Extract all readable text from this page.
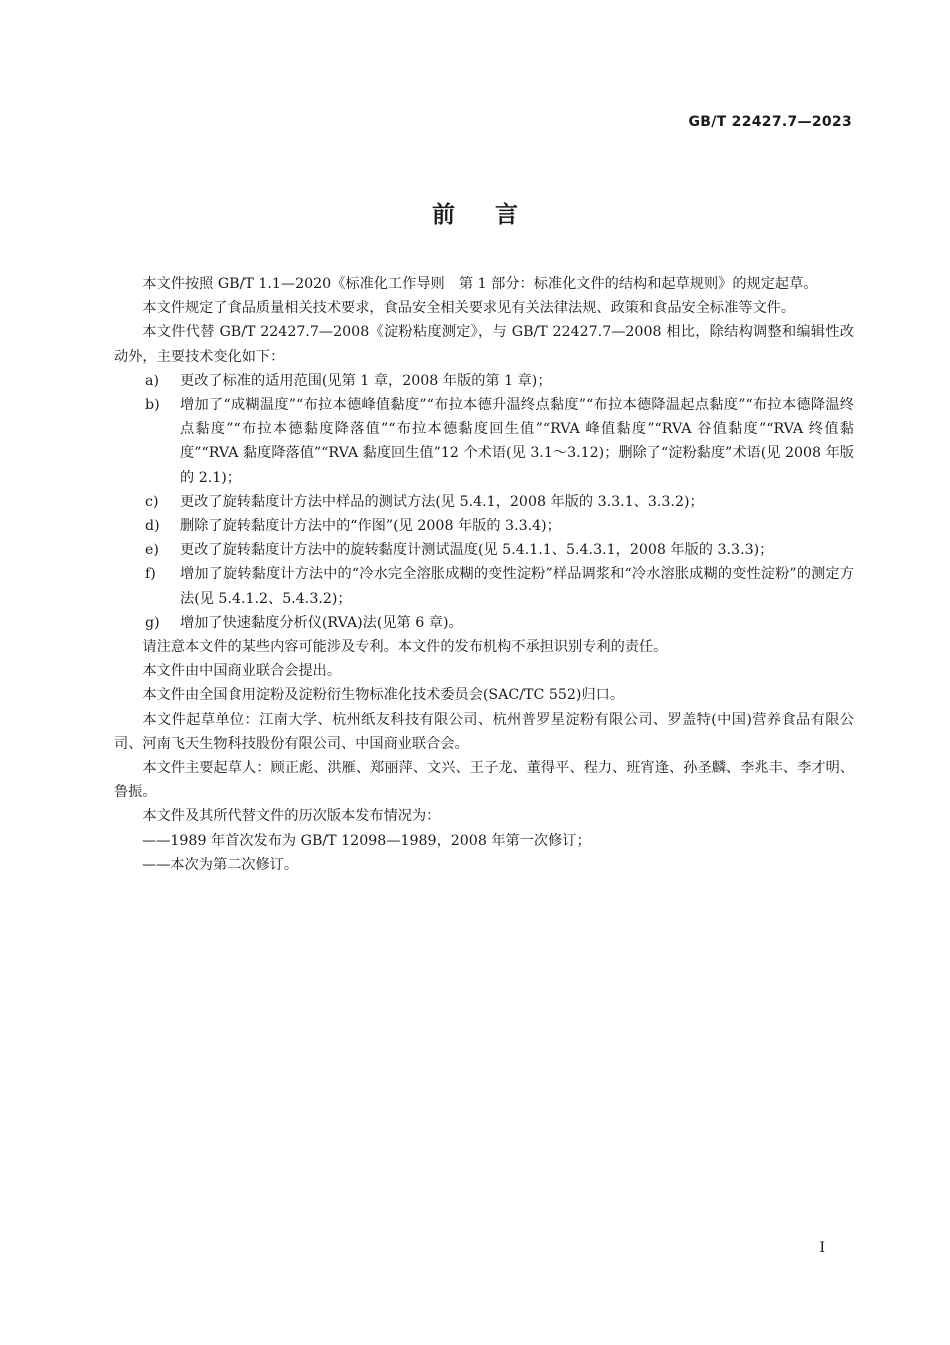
GB/T 22427.7—2023
前言

本文件按照 GB/T 1.1—2020《标准化工作导则　第 1 部分：标准化文件的结构和起草规则》的规定起草。

本文件规定了食品质量相关技术要求，食品安全相关要求见有关法律法规、政策和食品安全标准等文件。

本文件代替 GB/T 22427.7—2008《淀粉粘度测定》，与 GB/T 22427.7—2008 相比，除结构调整和编辑性改动外，主要技术变化如下：

a)	更改了标准的适用范围(见第 1 章，2008 年版的第 1 章)；
b)	增加了“成糊温度”“布拉本德峰值黏度”“布拉本德升温终点黏度”“布拉本德降温起点黏度”“布拉本德降温终点黏度”“布拉本德黏度降落值”“布拉本德黏度回生值”“RVA 峰值黏度”“RVA 谷值黏度”“RVA 终值黏度”“RVA 黏度降落值”“RVA 黏度回生值”12 个术语(见 3.1～3.12)；删除了“淀粉黏度”术语(见 2008 年版的 2.1)；
c)	更改了旋转黏度计方法中样品的测试方法(见 5.4.1，2008 年版的 3.3.1、3.3.2)；
d)	删除了旋转黏度计方法中的“作图”(见 2008 年版的 3.3.4)；
e)	更改了旋转黏度计方法中的旋转黏度计测试温度(见 5.4.1.1、5.4.3.1，2008 年版的 3.3.3)；
f)	增加了旋转黏度计方法中的“冷水完全溶胀成糊的变性淀粉”样品调浆和“冷水溶胀成糊的变性淀粉”的测定方法(见 5.4.1.2、5.4.3.2)；
g)	增加了快速黏度分析仪(RVA)法(见第 6 章)。

请注意本文件的某些内容可能涉及专利。本文件的发布机构不承担识别专利的责任。

本文件由中国商业联合会提出。

本文件由全国食用淀粉及淀粉衍生物标准化技术委员会(SAC/TC 552)归口。

本文件起草单位：江南大学、杭州纸友科技有限公司、杭州普罗星淀粉有限公司、罗盖特(中国)营养食品有限公司、河南飞天生物科技股份有限公司、中国商业联合会。

本文件主要起草人：顾正彪、洪雁、郑丽萍、文兴、王子龙、董得平、程力、班宵逢、孙圣麟、李兆丰、李才明、鲁振。

本文件及其所代替文件的历次版本发布情况为：

——1989 年首次发布为 GB/T 12098—1989，2008 年第一次修订；

——本次为第二次修订。

I
